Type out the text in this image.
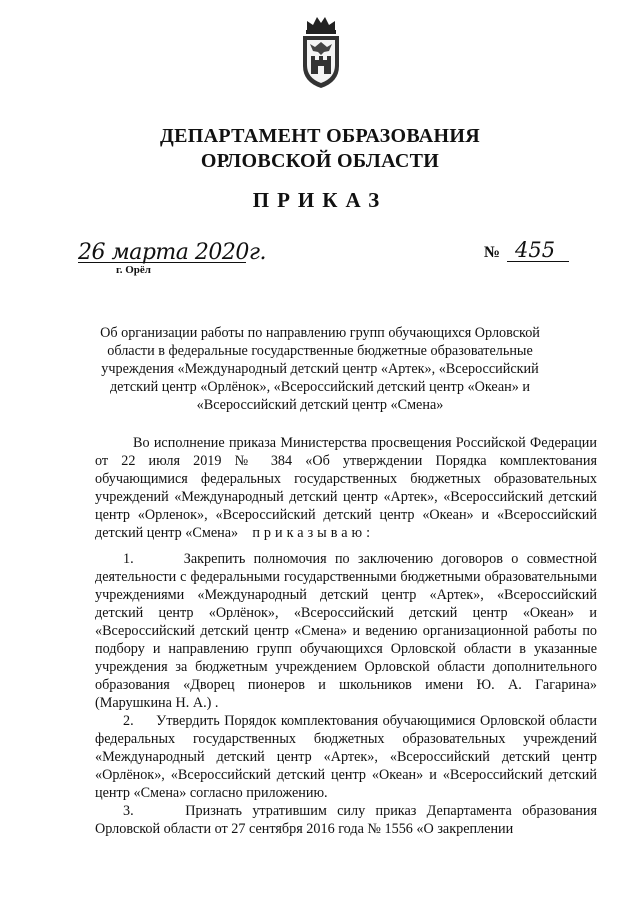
ДЕПАРТАМЕНТ ОБРАЗОВАНИЯ
ОРЛОВСКОЙ ОБЛАСТИ
ПРИКАЗ
26 марта 2020г.
г. Орёл
№ 455
Об организации работы по направлению групп обучающихся Орловской области в федеральные государственные бюджетные образовательные учреждения «Международный детский центр «Артек», «Всероссийский детский центр «Орлёнок», «Всероссийский детский центр «Океан» и «Всероссийский детский центр «Смена»
Во исполнение приказа Министерства просвещения Российской Федерации от 22 июля 2019 № 384 «Об утверждении Порядка комплектования обучающимися федеральных государственных бюджетных образовательных учреждений «Международный детский центр «Артек», «Всероссийский детский центр «Орленок», «Всероссийский детский центр «Океан» и «Всероссийский детский центр «Смена» приказываю:

1.	Закрепить полномочия по заключению договоров о совместной деятельности с федеральными государственными бюджетными образовательными учреждениями «Международный детский центр «Артек», «Всероссийский детский центр «Орлёнок», «Всероссийский детский центр «Океан» и «Всероссийский детский центр «Смена» и ведению организационной работы по подбору и направлению групп обучающихся Орловской области в указанные учреждения за бюджетным учреждением Орловской области дополнительного образования «Дворец пионеров и школьников имени Ю. А. Гагарина» (Марушкина Н. А.) .

2. Утвердить Порядок комплектования обучающимися Орловской области федеральных государственных бюджетных образовательных учреждений «Международный детский центр «Артек», «Всероссийский детский центр «Орлёнок», «Всероссийский детский центр «Океан» и «Всероссийский детский центр «Смена» согласно приложению.

3.	Признать утратившим силу приказ Департамента образования Орловской области от 27 сентября 2016 года № 1556 «О закреплении
